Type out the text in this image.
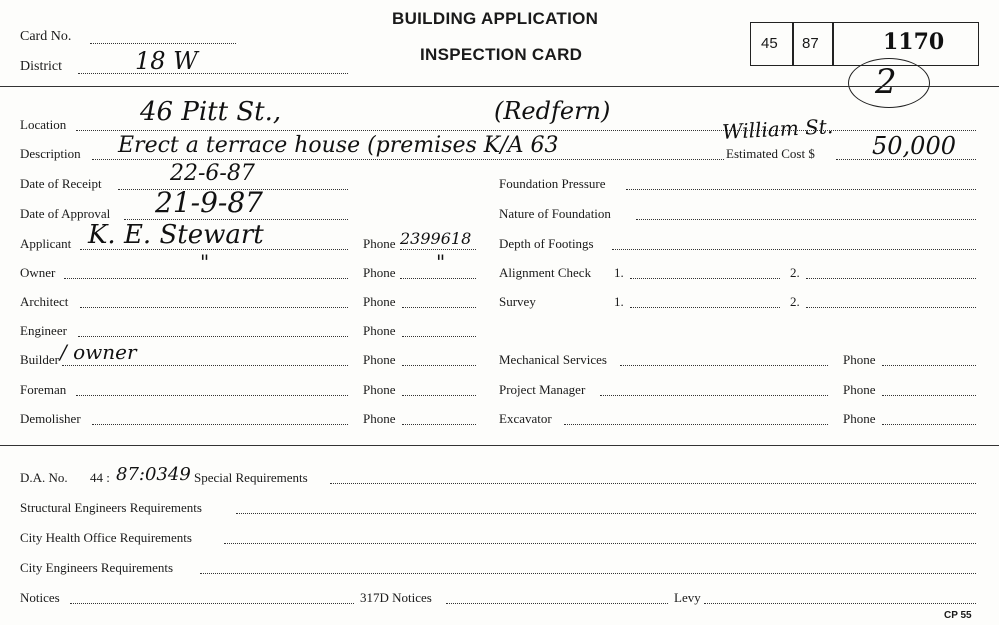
Card No.
District	18 W
BUILDING APPLICATION
INSPECTION CARD
45 87	1170
2
Location	46 Pitt St.,	(Redfern)
William St.
Description Erect a terrace house (premises K/A 63	Estimated Cost $ 50,000
Date of Receipt	22-6-87
Date of Approval 21-9-87
Applicant K. E. Stewart	Phone 2399618
Owner	"	Phone "
Architect	Phone
Engineer	Phone
Builder / owner	Phone
Foreman	Phone
Demolisher	Phone
Foundation Pressure
Nature of Foundation
Depth of Footings
Alignment Check 1.	2.
Survey	1.	2.
Mechanical Services	Phone
Project Manager	Phone
Excavator	Phone
D.A. No. 44 : 87:0349 Special Requirements
Structural Engineers Requirements
City Health Office Requirements
City Engineers Requirements
Notices	317D Notices	Levy
CP 55
